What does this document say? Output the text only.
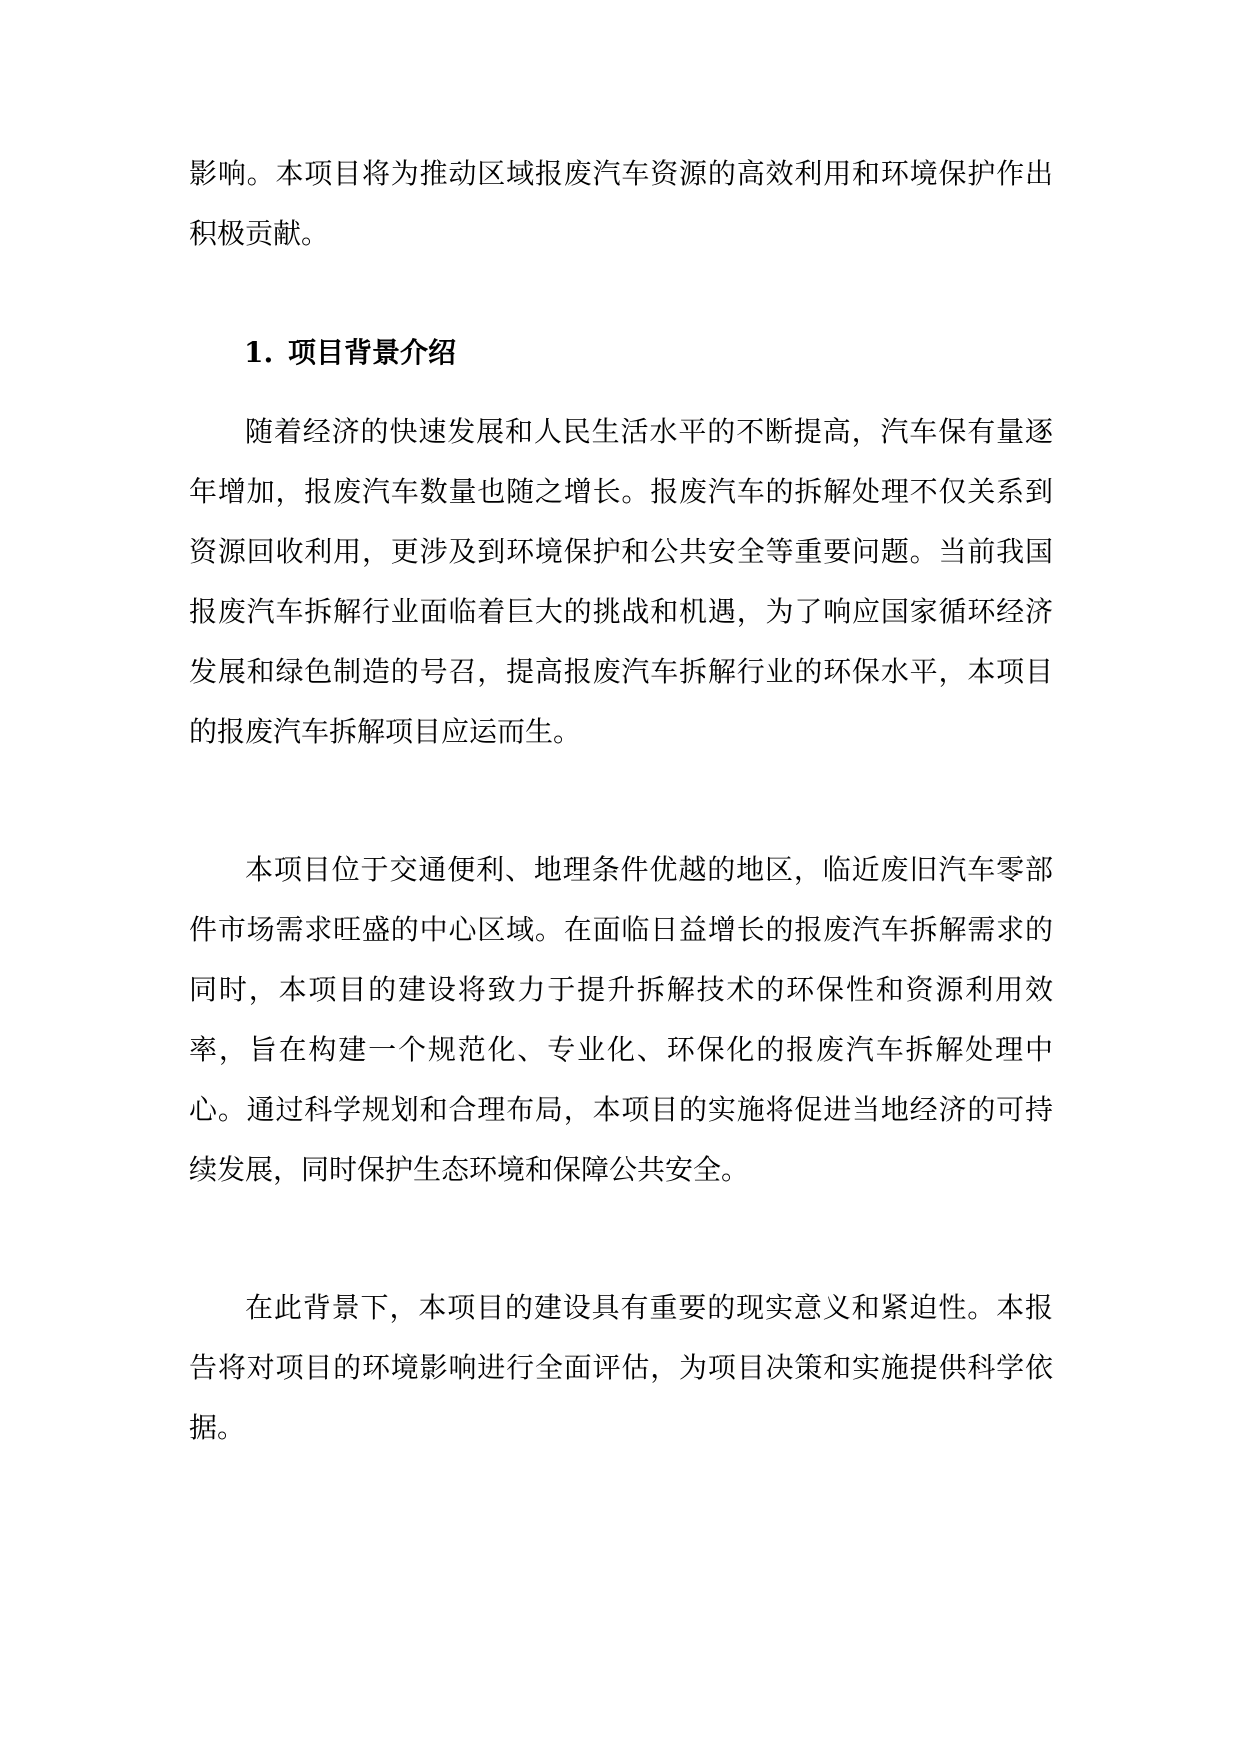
影响。本项目将为推动区域报废汽车资源的高效利用和环境保护作出积极贡献。

1. 项目背景介绍

随着经济的快速发展和人民生活水平的不断提高，汽车保有量逐年增加，报废汽车数量也随之增长。报废汽车的拆解处理不仅关系到资源回收利用，更涉及到环境保护和公共安全等重要问题。当前我国报废汽车拆解行业面临着巨大的挑战和机遇，为了响应国家循环经济发展和绿色制造的号召，提高报废汽车拆解行业的环保水平，本项目的报废汽车拆解项目应运而生。

本项目位于交通便利、地理条件优越的地区，临近废旧汽车零部件市场需求旺盛的中心区域。在面临日益增长的报废汽车拆解需求的同时，本项目的建设将致力于提升拆解技术的环保性和资源利用效率，旨在构建一个规范化、专业化、环保化的报废汽车拆解处理中心。通过科学规划和合理布局，本项目的实施将促进当地经济的可持续发展，同时保护生态环境和保障公共安全。

在此背景下，本项目的建设具有重要的现实意义和紧迫性。本报告将对项目的环境影响进行全面评估，为项目决策和实施提供科学依据。
